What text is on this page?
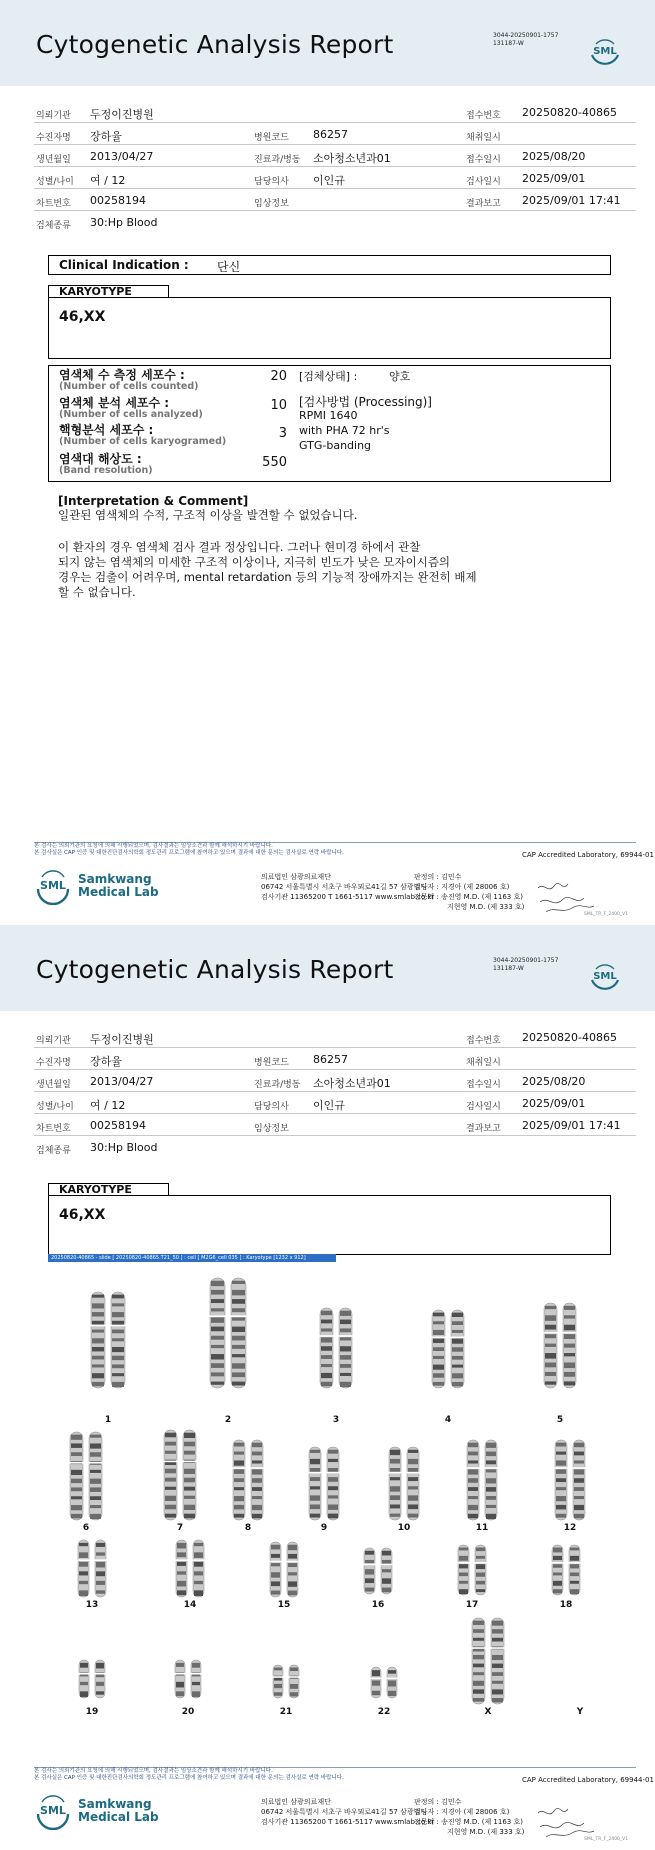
Cytogenetic Analysis Report	3044-20250901-1757
131187-W
SML
의뢰기관 두정이진병원	접수번호 20250820-40865
수진자명 장하율	병원코드 86257	채취일시
생년월일 2013/04/27	진료과/병동 소아청소년과01	접수일시 2025/08/20
성별/나이 여 / 12	담당의사 이인규	검사일시 2025/09/01
차트번호 00258194	임상정보	결과보고 2025/09/01 17:41
검체종류 30:Hp Blood
Clinical Indication : 단신
KARYOTYPE
46,XX
염색체 수 측정 세포수 :
(Number of cells counted)
20
염색체 분석 세포수 :
(Number of cells analyzed)
10
핵형분석 세포수 :
(Number of cells karyogramed)
3
염색대 해상도 :
(Band resolution)
550
[검체상태] :	양호
[검사방법 (Processing)]
RPMI 1640
with PHA 72 hr's
GTG-banding
[Interpretation & Comment]
일관된 염색체의 수적, 구조적 이상을 발견할 수 없었습니다.
이 환자의 경우 염색체 검사 결과 정상입니다. 그러나 현미경 하에서 관찰
되지 않는 염색체의 미세한 구조적 이상이나, 지극히 빈도가 낮은 모자이시즘의
경우는 검출이 어려우며, mental retardation 등의 기능적 장애까지는 완전히 배제
할 수 없습니다.
본 검사는 의뢰기관의 요청에 의해 시행되었으며, 검사결과는 임상소견과 함께 해석하시기 바랍니다.
본 검사실은 CAP 인증 및 대한진단검사의학회 정도관리 프로그램에 참여하고 있으며 결과에 대한 문의는 검사실로 연락 바랍니다.	CAP Accredited Laboratory, 69944-01
SML Samkwang
Medical Lab
의료법인 삼광의료재단
06742 서울특별시 서초구 바우뫼로41길 57 삼광빌딩
검사기관 11365200 T 1661-5117 www.smlab.co.kr
판정의 : 김민수
검사자 : 지경아 (제 28006 호)
전문의 : 송진영 M.D. (제 1163 호)
지현영 M.D. (제 333 호)
SML_TR_F_2400_V1
Cytogenetic Analysis Report	3044-20250901-1757
131187-W
SML
의뢰기관 두정이진병원	접수번호 20250820-40865
수진자명 장하율	병원코드 86257	채취일시
생년월일 2013/04/27	진료과/병동 소아청소년과01	접수일시 2025/08/20
성별/나이 여 / 12	담당의사 이인규	검사일시 2025/09/01
차트번호 00258194	임상정보	결과보고 2025/09/01 17:41
검체종류 30:Hp Blood
KARYOTYPE
46,XX
본 검사는 의뢰기관의 요청에 의해 시행되었으며, 검사결과는 임상소견과 함께 해석하시기 바랍니다.
본 검사실은 CAP 인증 및 대한진단검사의학회 정도관리 프로그램에 참여하고 있으며 결과에 대한 문의는 검사실로 연락 바랍니다.	CAP Accredited Laboratory, 69944-01
SML Samkwang
Medical Lab
의료법인 삼광의료재단
06742 서울특별시 서초구 바우뫼로41길 57 삼광빌딩
검사기관 11365200 T 1661-5117 www.smlab.co.kr
판정의 : 김민수
검사자 : 지경아 (제 28006 호)
전문의 : 송진영 M.D. (제 1163 호)
지현영 M.D. (제 333 호)
SML_TR_F_2400_V1
20250820-40865 - slide [ 20250820-40865.T21_50 ] : cell [ M2G6_cell 035 ] : Karyotype [1232 x 912]
1	2	3	4	5
6	7	8	9	10	11	12
13	14	15	16	17	18
19	20	21	22	X	Y
